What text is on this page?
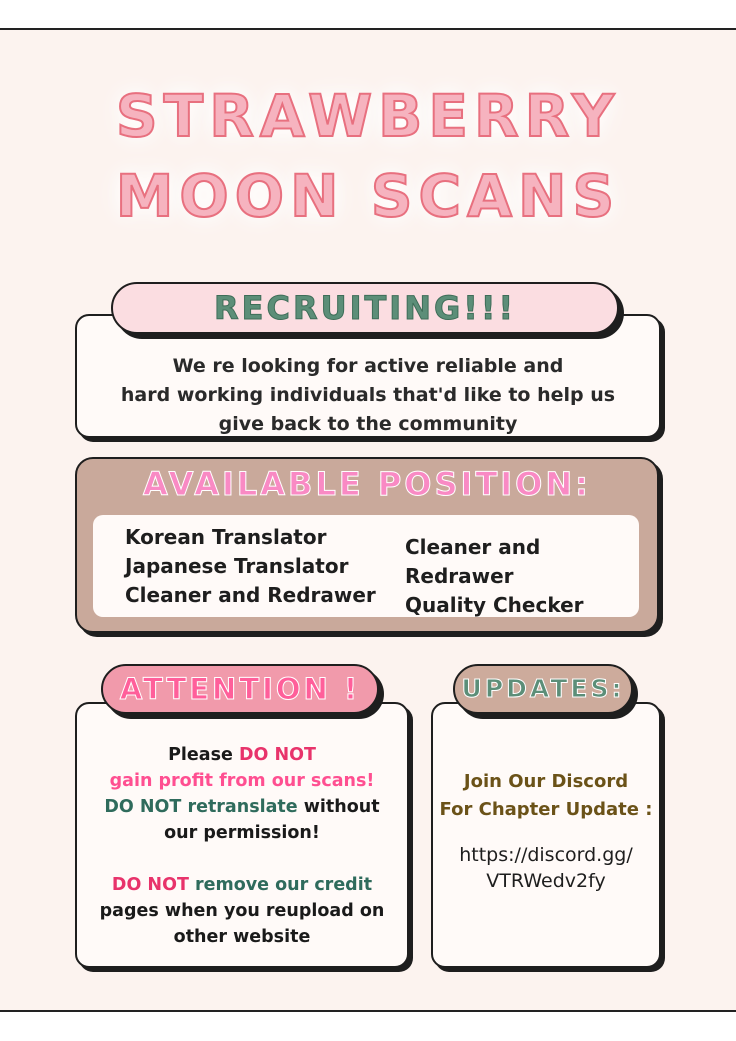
STRAWBERRY
MOON SCANS
We re looking for active reliable and
hard working individuals that'd like to help us
give back to the community
RECRUITING!!!
AVAILABLE POSITION:
Korean Translator
Japanese Translator
Cleaner and Redrawer
Cleaner and Redrawer
Quality Checker
Please DO NOT
gain profit from our scans!
DO NOT retranslate without
our permission!
DO NOT remove our credit
pages when you reupload on
other website
ATTENTION !
Join Our Discord
For Chapter Update :
https://discord.gg/
VTRWedv2fy
UPDATES:
